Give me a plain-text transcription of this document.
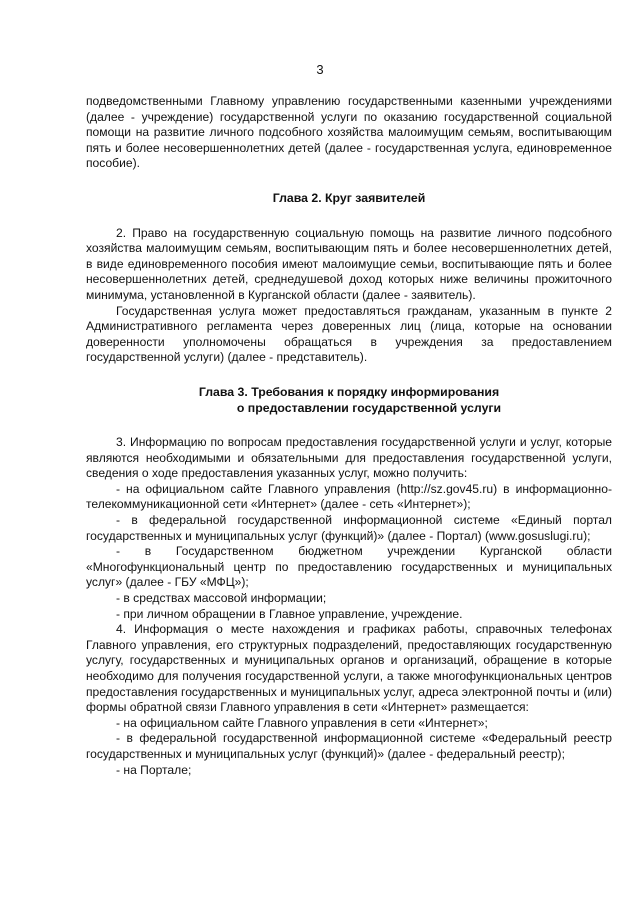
3

подведомственными Главному управлению государственными казенными учреждениями (далее - учреждение) государственной услуги по оказанию государственной социальной помощи на развитие личного подсобного хозяйства малоимущим семьям, воспитывающим пять и более несовершеннолетних детей (далее - государственная услуга, единовременное пособие).

Глава 2. Круг заявителей

2. Право на государственную социальную помощь на развитие личного подсобного хозяйства малоимущим семьям, воспитывающим пять и более несовершеннолетних детей, в виде единовременного пособия имеют малоимущие семьи, воспитывающие пять и более несовершеннолетних детей, среднедушевой доход которых ниже величины прожиточного минимума, установленной в Курганской области (далее - заявитель).

Государственная услуга может предоставляться гражданам, указанным в пункте 2 Административного регламента через доверенных лиц (лица, которые на основании доверенности уполномочены обращаться в учреждения за предоставлением государственной услуги) (далее - представитель).

Глава 3. Требования к порядку информирования
о предоставлении государственной услуги

3. Информацию по вопросам предоставления государственной услуги и услуг, которые являются необходимыми и обязательными для предоставления государственной услуги, сведения о ходе предоставления указанных услуг, можно получить:

- на официальном сайте Главного управления (http://sz.gov45.ru) в информационно-телекоммуникационной сети «Интернет» (далее - сеть «Интернет»);

- в федеральной государственной информационной системе «Единый портал государственных и муниципальных услуг (функций)» (далее - Портал) (www.gosuslugi.ru);

- в Государственном бюджетном учреждении Курганской области «Многофункциональный центр по предоставлению государственных и муниципальных услуг» (далее - ГБУ «МФЦ»);

- в средствах массовой информации;

- при личном обращении в Главное управление, учреждение.

4. Информация о месте нахождения и графиках работы, справочных телефонах Главного управления, его структурных подразделений, предоставляющих государственную услугу, государственных и муниципальных органов и организаций, обращение в которые необходимо для получения государственной услуги, а также многофункциональных центров предоставления государственных и муниципальных услуг, адреса электронной почты и (или) формы обратной связи Главного управления в сети «Интернет» размещается:

- на официальном сайте Главного управления в сети «Интернет»;

- в федеральной государственной информационной системе «Федеральный реестр государственных и муниципальных услуг (функций)» (далее - федеральный реестр);

- на Портале;
